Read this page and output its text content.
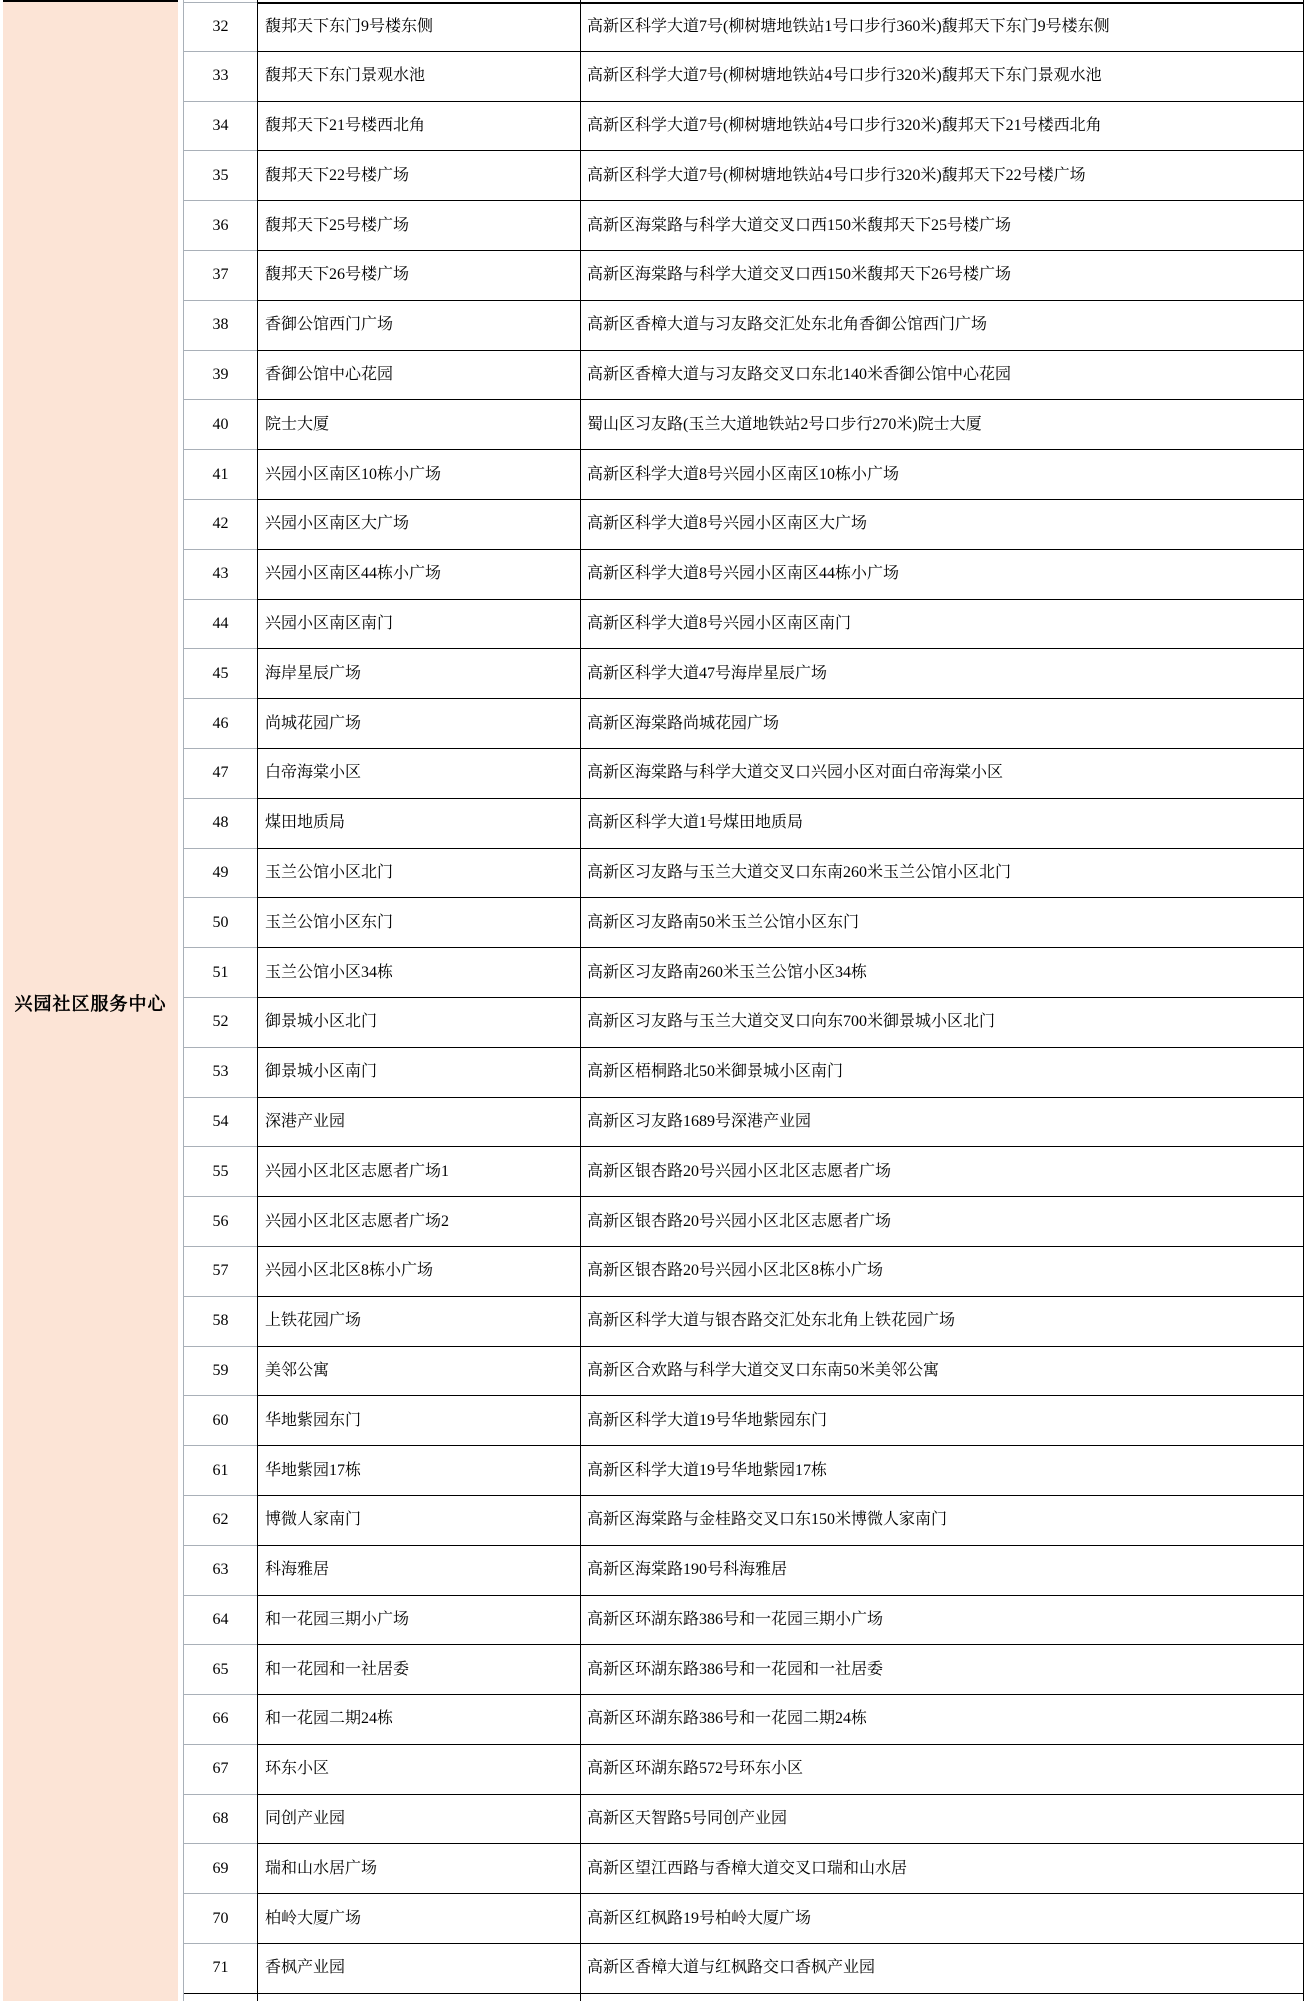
兴园社区服务中心
32	馥邦天下东门9号楼东侧	高新区科学大道7号(柳树塘地铁站1号口步行360米)馥邦天下东门9号楼东侧
33	馥邦天下东门景观水池	高新区科学大道7号(柳树塘地铁站4号口步行320米)馥邦天下东门景观水池
34	馥邦天下21号楼西北角	高新区科学大道7号(柳树塘地铁站4号口步行320米)馥邦天下21号楼西北角
35	馥邦天下22号楼广场	高新区科学大道7号(柳树塘地铁站4号口步行320米)馥邦天下22号楼广场
36	馥邦天下25号楼广场	高新区海棠路与科学大道交叉口西150米馥邦天下25号楼广场
37	馥邦天下26号楼广场	高新区海棠路与科学大道交叉口西150米馥邦天下26号楼广场
38	香御公馆西门广场	高新区香樟大道与习友路交汇处东北角香御公馆西门广场
39	香御公馆中心花园	高新区香樟大道与习友路交叉口东北140米香御公馆中心花园
40	院士大厦	蜀山区习友路(玉兰大道地铁站2号口步行270米)院士大厦
41	兴园小区南区10栋小广场	高新区科学大道8号兴园小区南区10栋小广场
42	兴园小区南区大广场	高新区科学大道8号兴园小区南区大广场
43	兴园小区南区44栋小广场	高新区科学大道8号兴园小区南区44栋小广场
44	兴园小区南区南门	高新区科学大道8号兴园小区南区南门
45	海岸星辰广场	高新区科学大道47号海岸星辰广场
46	尚城花园广场	高新区海棠路尚城花园广场
47	白帝海棠小区	高新区海棠路与科学大道交叉口兴园小区对面白帝海棠小区
48	煤田地质局	高新区科学大道1号煤田地质局
49	玉兰公馆小区北门	高新区习友路与玉兰大道交叉口东南260米玉兰公馆小区北门
50	玉兰公馆小区东门	高新区习友路南50米玉兰公馆小区东门
51	玉兰公馆小区34栋	高新区习友路南260米玉兰公馆小区34栋
52	御景城小区北门	高新区习友路与玉兰大道交叉口向东700米御景城小区北门
53	御景城小区南门	高新区梧桐路北50米御景城小区南门
54	深港产业园	高新区习友路1689号深港产业园
55	兴园小区北区志愿者广场1	高新区银杏路20号兴园小区北区志愿者广场
56	兴园小区北区志愿者广场2	高新区银杏路20号兴园小区北区志愿者广场
57	兴园小区北区8栋小广场	高新区银杏路20号兴园小区北区8栋小广场
58	上铁花园广场	高新区科学大道与银杏路交汇处东北角上铁花园广场
59	美邻公寓	高新区合欢路与科学大道交叉口东南50米美邻公寓
60	华地紫园东门	高新区科学大道19号华地紫园东门
61	华地紫园17栋	高新区科学大道19号华地紫园17栋
62	博微人家南门	高新区海棠路与金桂路交叉口东150米博微人家南门
63	科海雅居	高新区海棠路190号科海雅居
64	和一花园三期小广场	高新区环湖东路386号和一花园三期小广场
65	和一花园和一社居委	高新区环湖东路386号和一花园和一社居委
66	和一花园二期24栋	高新区环湖东路386号和一花园二期24栋
67	环东小区	高新区环湖东路572号环东小区
68	同创产业园	高新区天智路5号同创产业园
69	瑞和山水居广场	高新区望江西路与香樟大道交叉口瑞和山水居
70	柏岭大厦广场	高新区红枫路19号柏岭大厦广场
71	香枫产业园	高新区香樟大道与红枫路交口香枫产业园
